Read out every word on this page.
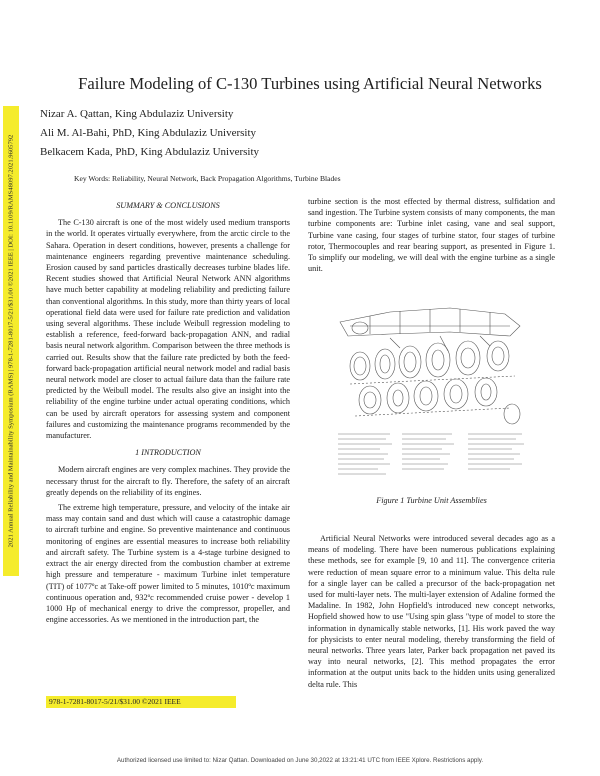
2021 Annual Reliability and Maintainability Symposium (RAMS) | 978-1-7281-8017-5/21/$31.00 ©2021 IEEE | DOI: 10.1109/RAMS48097.2021.9605792
Failure Modeling of C-130 Turbines using Artificial Neural Networks
Nizar A. Qattan, King Abdulaziz University
Ali M. Al-Bahi, PhD, King Abdulaziz University
Belkacem Kada, PhD, King Abdulaziz University
Key Words: Reliability, Neural Network, Back Propagation Algorithms, Turbine Blades
SUMMARY & CONCLUSIONS

The C-130 aircraft is one of the most widely used medium transports in the world. It operates virtually everywhere, from the arctic circle to the Sahara. Operation in desert conditions, however, presents a challenge for maintenance engineers regarding preventive maintenance scheduling. Erosion caused by sand particles drastically decreases turbine blades life. Recent studies showed that Artificial Neural Network ANN algorithms have much better capability at modeling reliability and predicting failure than conventional algorithms. In this study, more than thirty years of local operational field data were used for failure rate prediction and validation using several algorithms. These include Weibull regression modeling to establish a reference, feed-forward back-propagation ANN, and radial basis neural network algorithm. Comparison between the three methods is carried out. Results show that the failure rate predicted by both the feed-forward back-propagation artificial neural network model and radial basis neural network model are closer to actual failure data than the failure rate predicted by the Weibull model. The results also give an insight into the reliability of the engine turbine under actual operating conditions, which can be used by aircraft operators for assessing system and component failures and customizing the maintenance programs recommended by the manufacturer.

1 INTRODUCTION

Modern aircraft engines are very complex machines. They provide the necessary thrust for the aircraft to fly. Therefore, the safety of an aircraft greatly depends on the reliability of its engines.

The extreme high temperature, pressure, and velocity of the intake air mass may contain sand and dust which will cause a catastrophic damage to aircraft turbine and engine. So preventive maintenance and continuous monitoring of engines are essential measures to increase both reliability and aircraft safety. The Turbine system is a 4-stage turbine designed to extract the air energy directed from the combustion chamber at extreme high pressure and temperature - maximum Turbine inlet temperature (TIT) of 1077ºc at Take-off power limited to 5 minutes, 1010ºc maximum continuous operation and, 932ºc recommended cruise power - develop 1 1000 Hp of mechanical energy to drive the compressor, propeller, and engine accessories. As we mentioned in the introduction part, the

turbine section is the most effected by thermal distress, sulfidation and sand ingestion. The Turbine system consists of many components, the man turbine components are: Turbine inlet casing, vane and seal support, Turbine vane casing, four stages of turbine stator, four stages of turbine rotor, Thermocouples and rear bearing support, as presented in Figure 1. To simplify our modeling, we will deal with the engine turbine as a single unit.

Figure 1 Turbine Unit Assemblies

Artificial Neural Networks were introduced several decades ago as a means of modeling. There have been numerous publications explaining these methods, see for example [9, 10 and 11]. The convergence criteria were reduction of mean square error to a minimum value. This delta rule for a single layer can be called a precursor of the back-propagation net used for multi-layer nets. The multi-layer extension of Adaline formed the Madaline. In 1982, John Hopfield's introduced new concept networks, Hopfield showed how to use "Using spin glass "type of model to store the information in dynamically stable networks, [1]. His work paved the way for physicists to enter neural modeling, thereby transforming the field of neural networks. Three years later, Parker back propagation net paved its way into neural networks, [2]. This method propagates the error information at the output units back to the hidden units using generalized delta rule. This

978-1-7281-8017-5/21/$31.00 ©2021 IEEE
Authorized licensed use limited to: Nizar Qattan. Downloaded on June 30,2022 at 13:21:41 UTC from IEEE Xplore. Restrictions apply.
